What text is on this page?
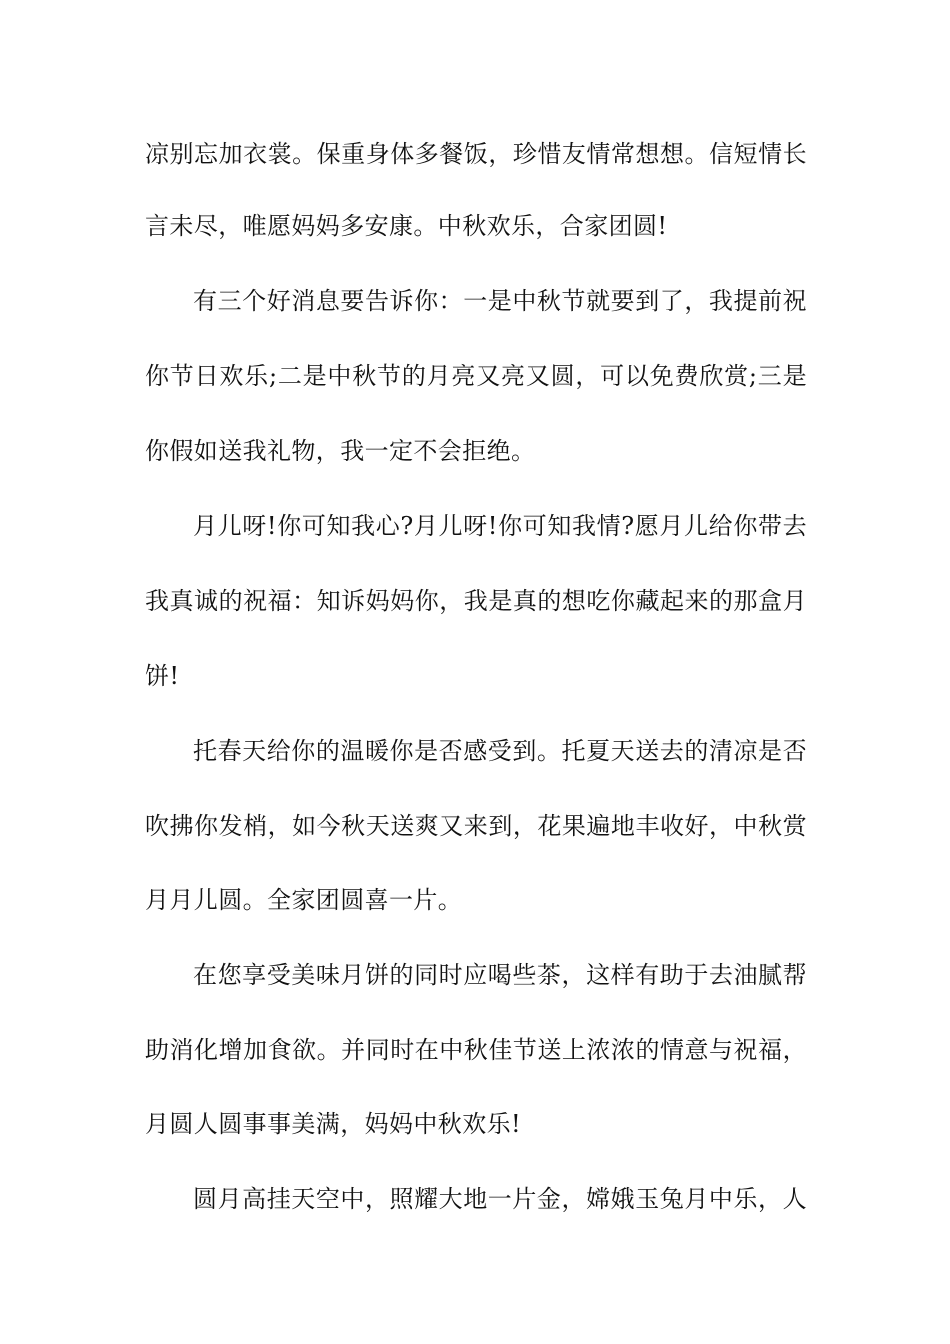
凉别忘加衣裳。保重身体多餐饭，珍惜友情常想想。信短情长
言未尽，唯愿妈妈多安康。中秋欢乐，合家团圆!
有三个好消息要告诉你：一是中秋节就要到了，我提前祝
你节日欢乐;二是中秋节的月亮又亮又圆，可以免费欣赏;三是
你假如送我礼物，我一定不会拒绝。
月儿呀!你可知我心?月儿呀!你可知我情?愿月儿给你带去
我真诚的祝福：知诉妈妈你，我是真的想吃你藏起来的那盒月
饼!
托春天给你的温暖你是否感受到。托夏天送去的清凉是否
吹拂你发梢，如今秋天送爽又来到，花果遍地丰收好，中秋赏
月月儿圆。全家团圆喜一片。
在您享受美味月饼的同时应喝些茶，这样有助于去油腻帮
助消化增加食欲。并同时在中秋佳节送上浓浓的情意与祝福，
月圆人圆事事美满，妈妈中秋欢乐!
圆月高挂天空中，照耀大地一片金，嫦娥玉兔月中乐，人
